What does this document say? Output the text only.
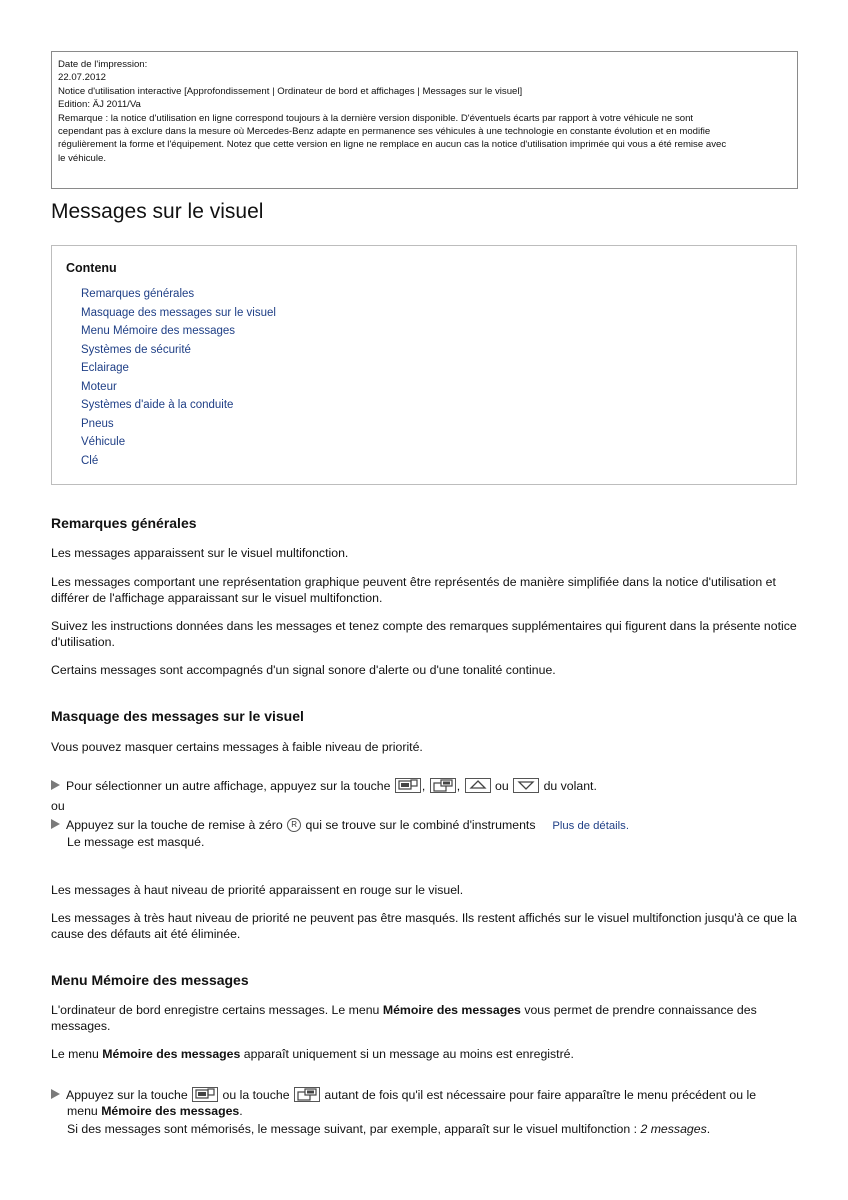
Date de l'impression:
22.07.2012
Notice d'utilisation interactive [Approfondissement | Ordinateur de bord et affichages | Messages sur le visuel]
Edition: ÄJ 2011/Va
Remarque : la notice d'utilisation en ligne correspond toujours à la dernière version disponible. D'éventuels écarts par rapport à votre véhicule ne sont
cependant pas à exclure dans la mesure où Mercedes-Benz adapte en permanence ses véhicules à une technologie en constante évolution et en modifie
régulièrement la forme et l'équipement. Notez que cette version en ligne ne remplace en aucun cas la notice d'utilisation imprimée qui vous a été remise avec
le véhicule.
Messages sur le visuel
Contenu
Remarques générales
Masquage des messages sur le visuel
Menu Mémoire des messages
Systèmes de sécurité
Eclairage
Moteur
Systèmes d'aide à la conduite
Pneus
Véhicule
Clé
Remarques générales

Les messages apparaissent sur le visuel multifonction.

Les messages comportant une représentation graphique peuvent être représentés de manière simplifiée dans la notice d'utilisation et différer de l'affichage apparaissant sur le visuel multifonction.

Suivez les instructions données dans les messages et tenez compte des remarques supplémentaires qui figurent dans la présente notice d'utilisation.

Certains messages sont accompagnés d'un signal sonore d'alerte ou d'une tonalité continue.

Masquage des messages sur le visuel

Vous pouvez masquer certains messages à faible niveau de priorité.

Pour sélectionner un autre affichage, appuyez sur la touche	,	,	ou	du volant.
ou
Appuyez sur la touche de remise à zéro R qui se trouve sur le combiné d'instruments Plus de détails.
Le message est masqué.

Les messages à haut niveau de priorité apparaissent en rouge sur le visuel.

Les messages à très haut niveau de priorité ne peuvent pas être masqués. Ils restent affichés sur le visuel multifonction jusqu'à ce que la cause des défauts ait été éliminée.

Menu Mémoire des messages

L'ordinateur de bord enregistre certains messages. Le menu Mémoire des messages vous permet de prendre connaissance des messages.

Le menu Mémoire des messages apparaît uniquement si un message au moins est enregistré.

Appuyez sur la touche	ou la touche	autant de fois qu'il est nécessaire pour faire apparaître le menu précédent ou le
menu Mémoire des messages.
Si des messages sont mémorisés, le message suivant, par exemple, apparaît sur le visuel multifonction : 2 messages.
